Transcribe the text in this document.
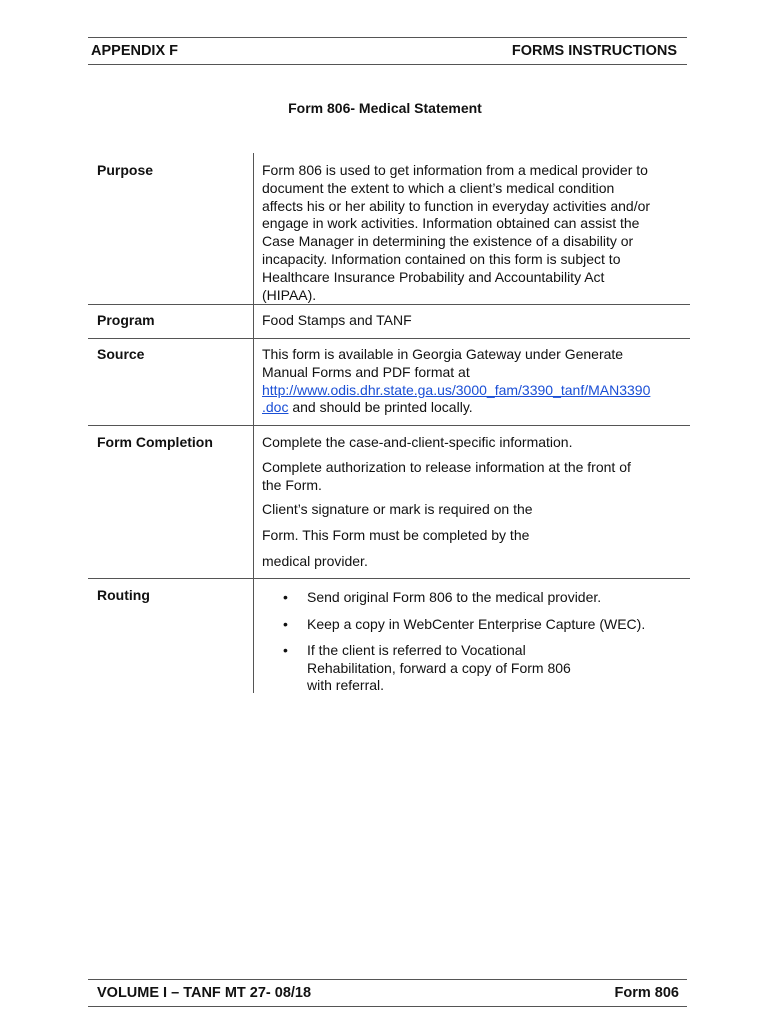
APPENDIX F	FORMS INSTRUCTIONS
Form 806- Medical Statement
Purpose	Form 806 is used to get information from a medical provider to
document the extent to which a client’s medical condition
affects his or her ability to function in everyday activities and/or
engage in work activities. Information obtained can assist the
Case Manager in determining the existence of a disability or
incapacity. Information contained on this form is subject to
Healthcare Insurance Probability and Accountability Act
(HIPAA).
Program	Food Stamps and TANF
Source	This form is available in Georgia Gateway under Generate
Manual Forms and PDF format at
http://www.odis.dhr.state.ga.us/3000_fam/3390_tanf/MAN3390
.doc and should be printed locally.
Form Completion	Complete the case-and-client-specific information.
Complete authorization to release information at the front of
the Form.
Client’s signature or mark is required on the
Form. This Form must be completed by the
medical provider.
Routing	• Send original Form 806 to the medical provider.
• Keep a copy in WebCenter Enterprise Capture (WEC).
• If the client is referred to Vocational
Rehabilitation, forward a copy of Form 806
with referral.
VOLUME I – TANF MT 27- 08/18	Form 806
